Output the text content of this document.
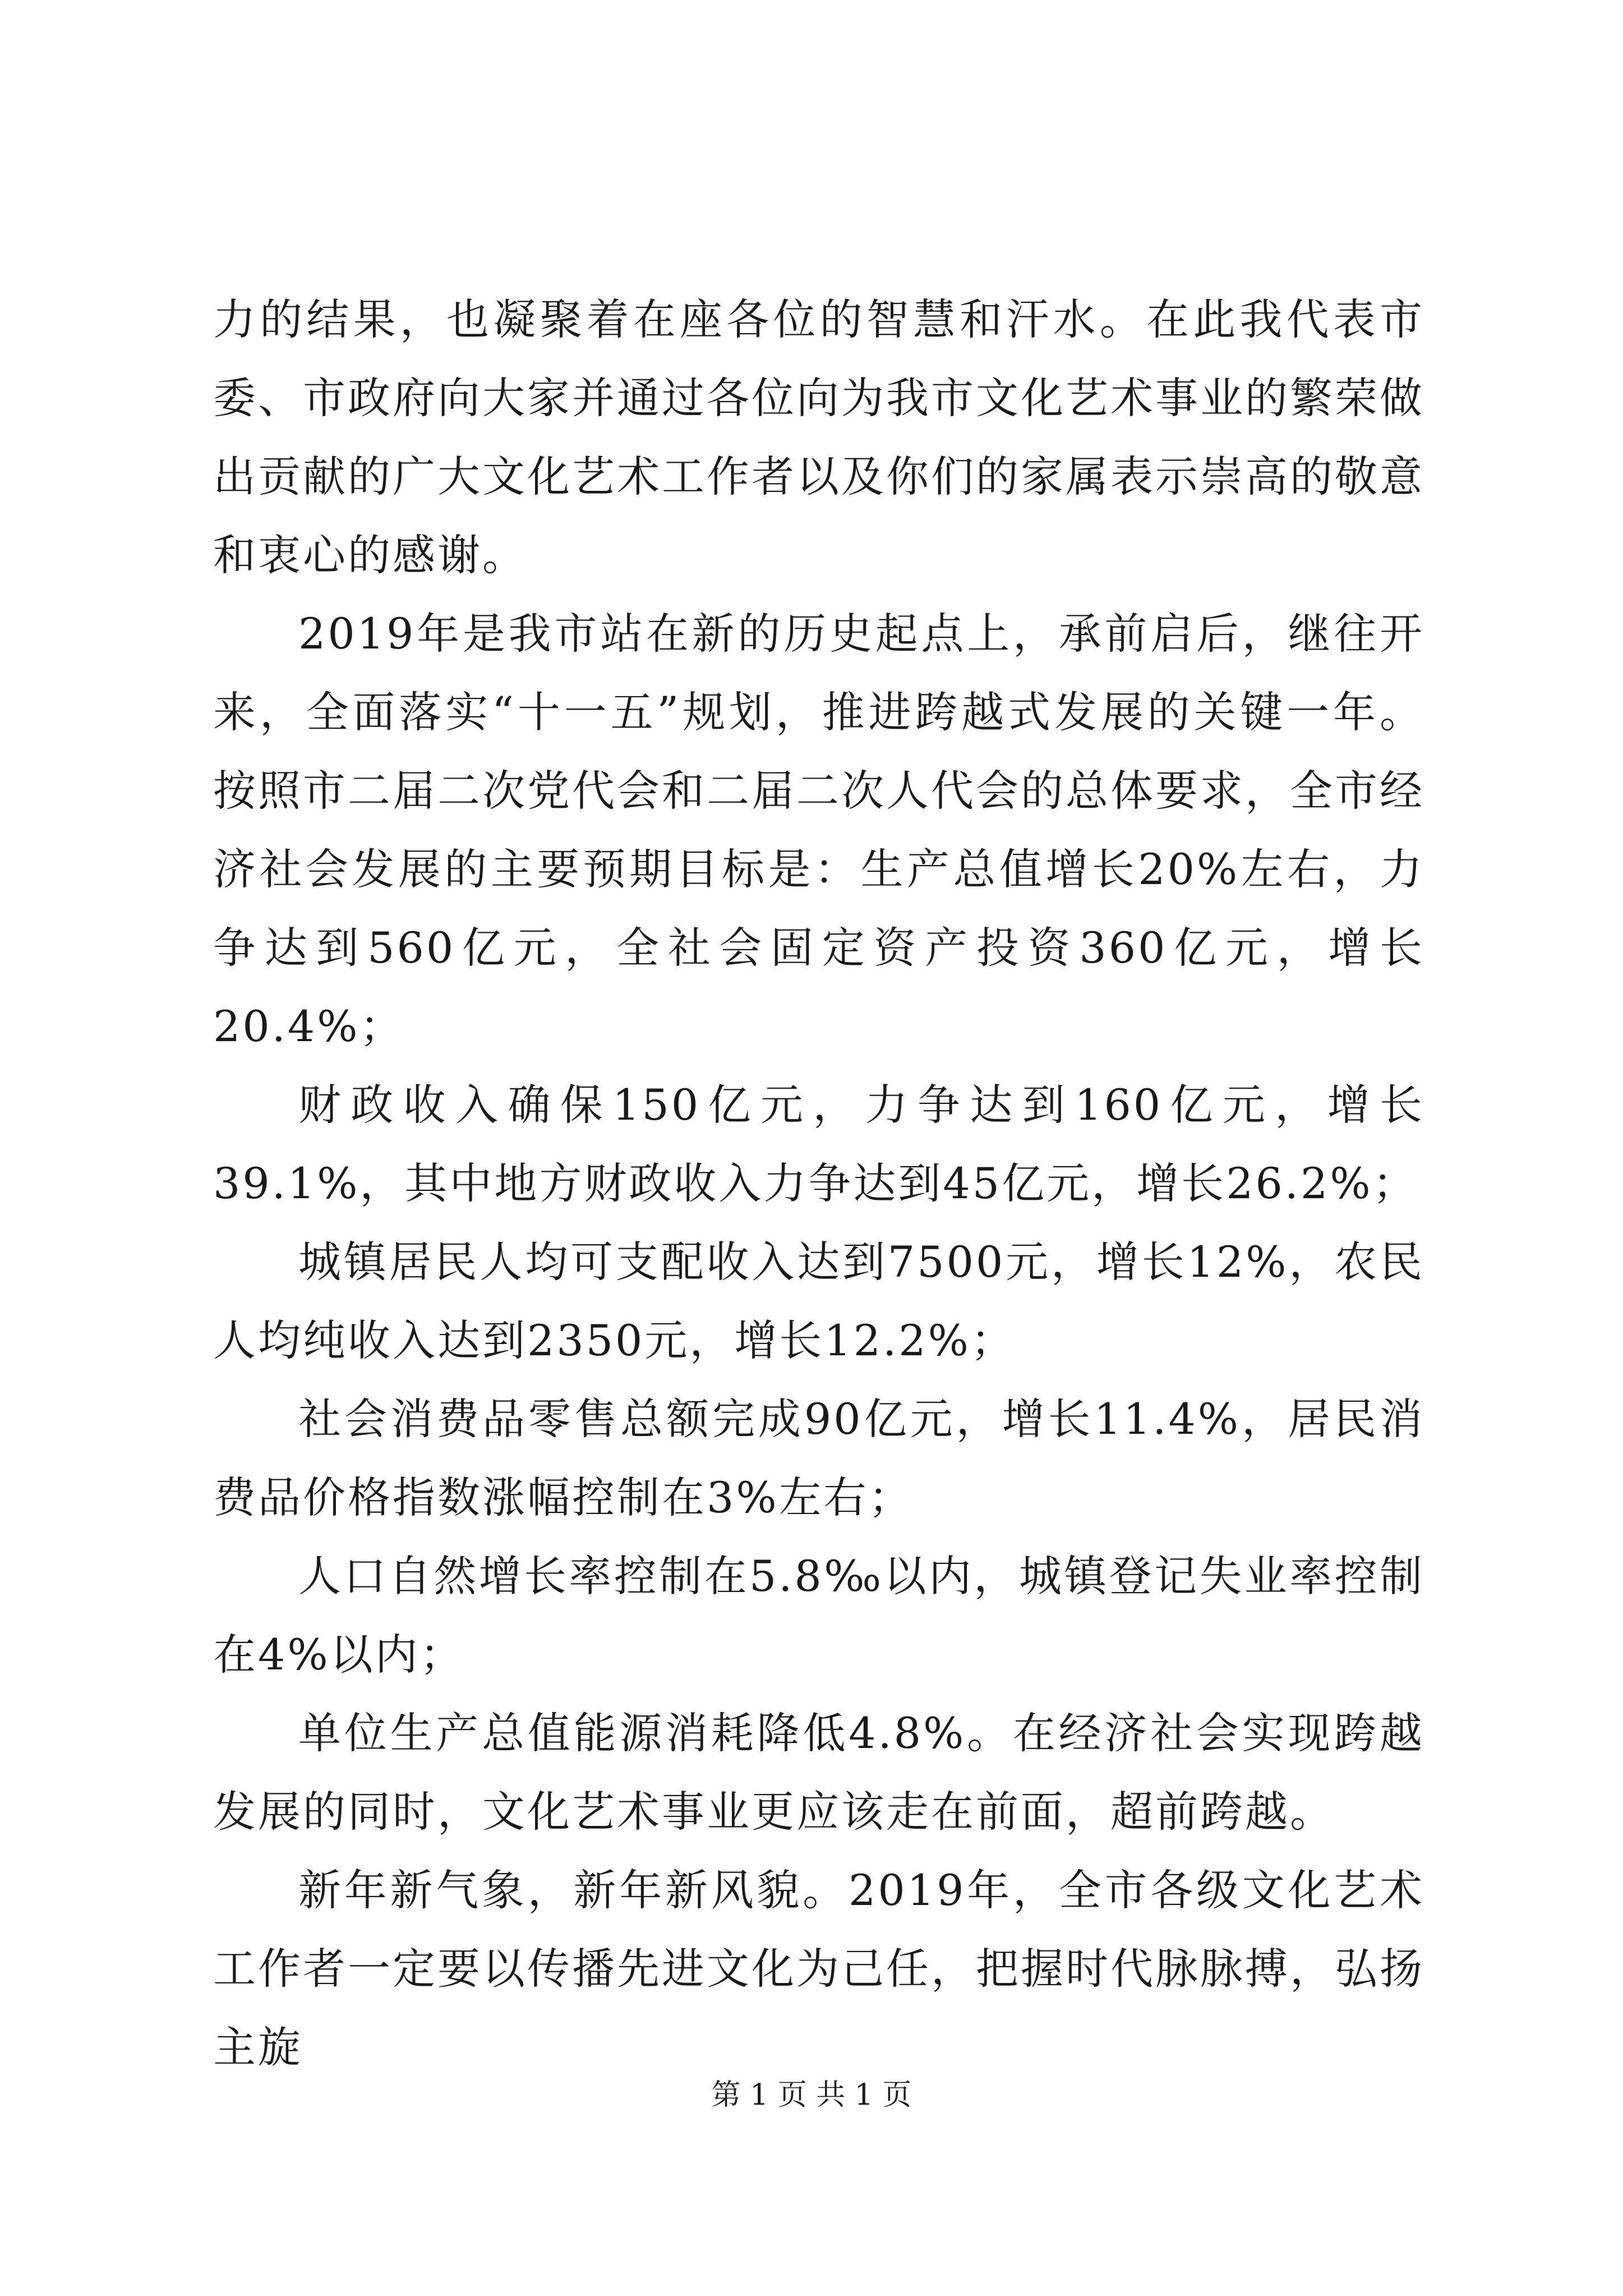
力的结果，也凝聚着在座各位的智慧和汗水。在此我代表市委、市政府向大家并通过各位向为我市文化艺术事业的繁荣做出贡献的广大文化艺术工作者以及你们的家属表示崇高的敬意和衷心的感谢。

2019年是我市站在新的历史起点上，承前启后，继往开来，全面落实“十一五”规划，推进跨越式发展的关键一年。按照市二届二次党代会和二届二次人代会的总体要求，全市经济社会发展的主要预期目标是：生产总值增长20%左右，力争达到560亿元，全社会固定资产投资360亿元，增长20.4%；

财政收入确保150亿元，力争达到160亿元，增长39.1%，其中地方财政收入力争达到45亿元，增长26.2%；

城镇居民人均可支配收入达到7500元，增长12%，农民人均纯收入达到2350元，增长12.2%；

社会消费品零售总额完成90亿元，增长11.4%，居民消费品价格指数涨幅控制在3%左右；

人口自然增长率控制在5.8‰以内，城镇登记失业率控制在4%以内；

单位生产总值能源消耗降低4.8%。在经济社会实现跨越发展的同时，文化艺术事业更应该走在前面，超前跨越。

新年新气象，新年新风貌。2019年，全市各级文化艺术工作者一定要以传播先进文化为己任，把握时代脉脉搏，弘扬主旋

第 1 页 共 1 页
